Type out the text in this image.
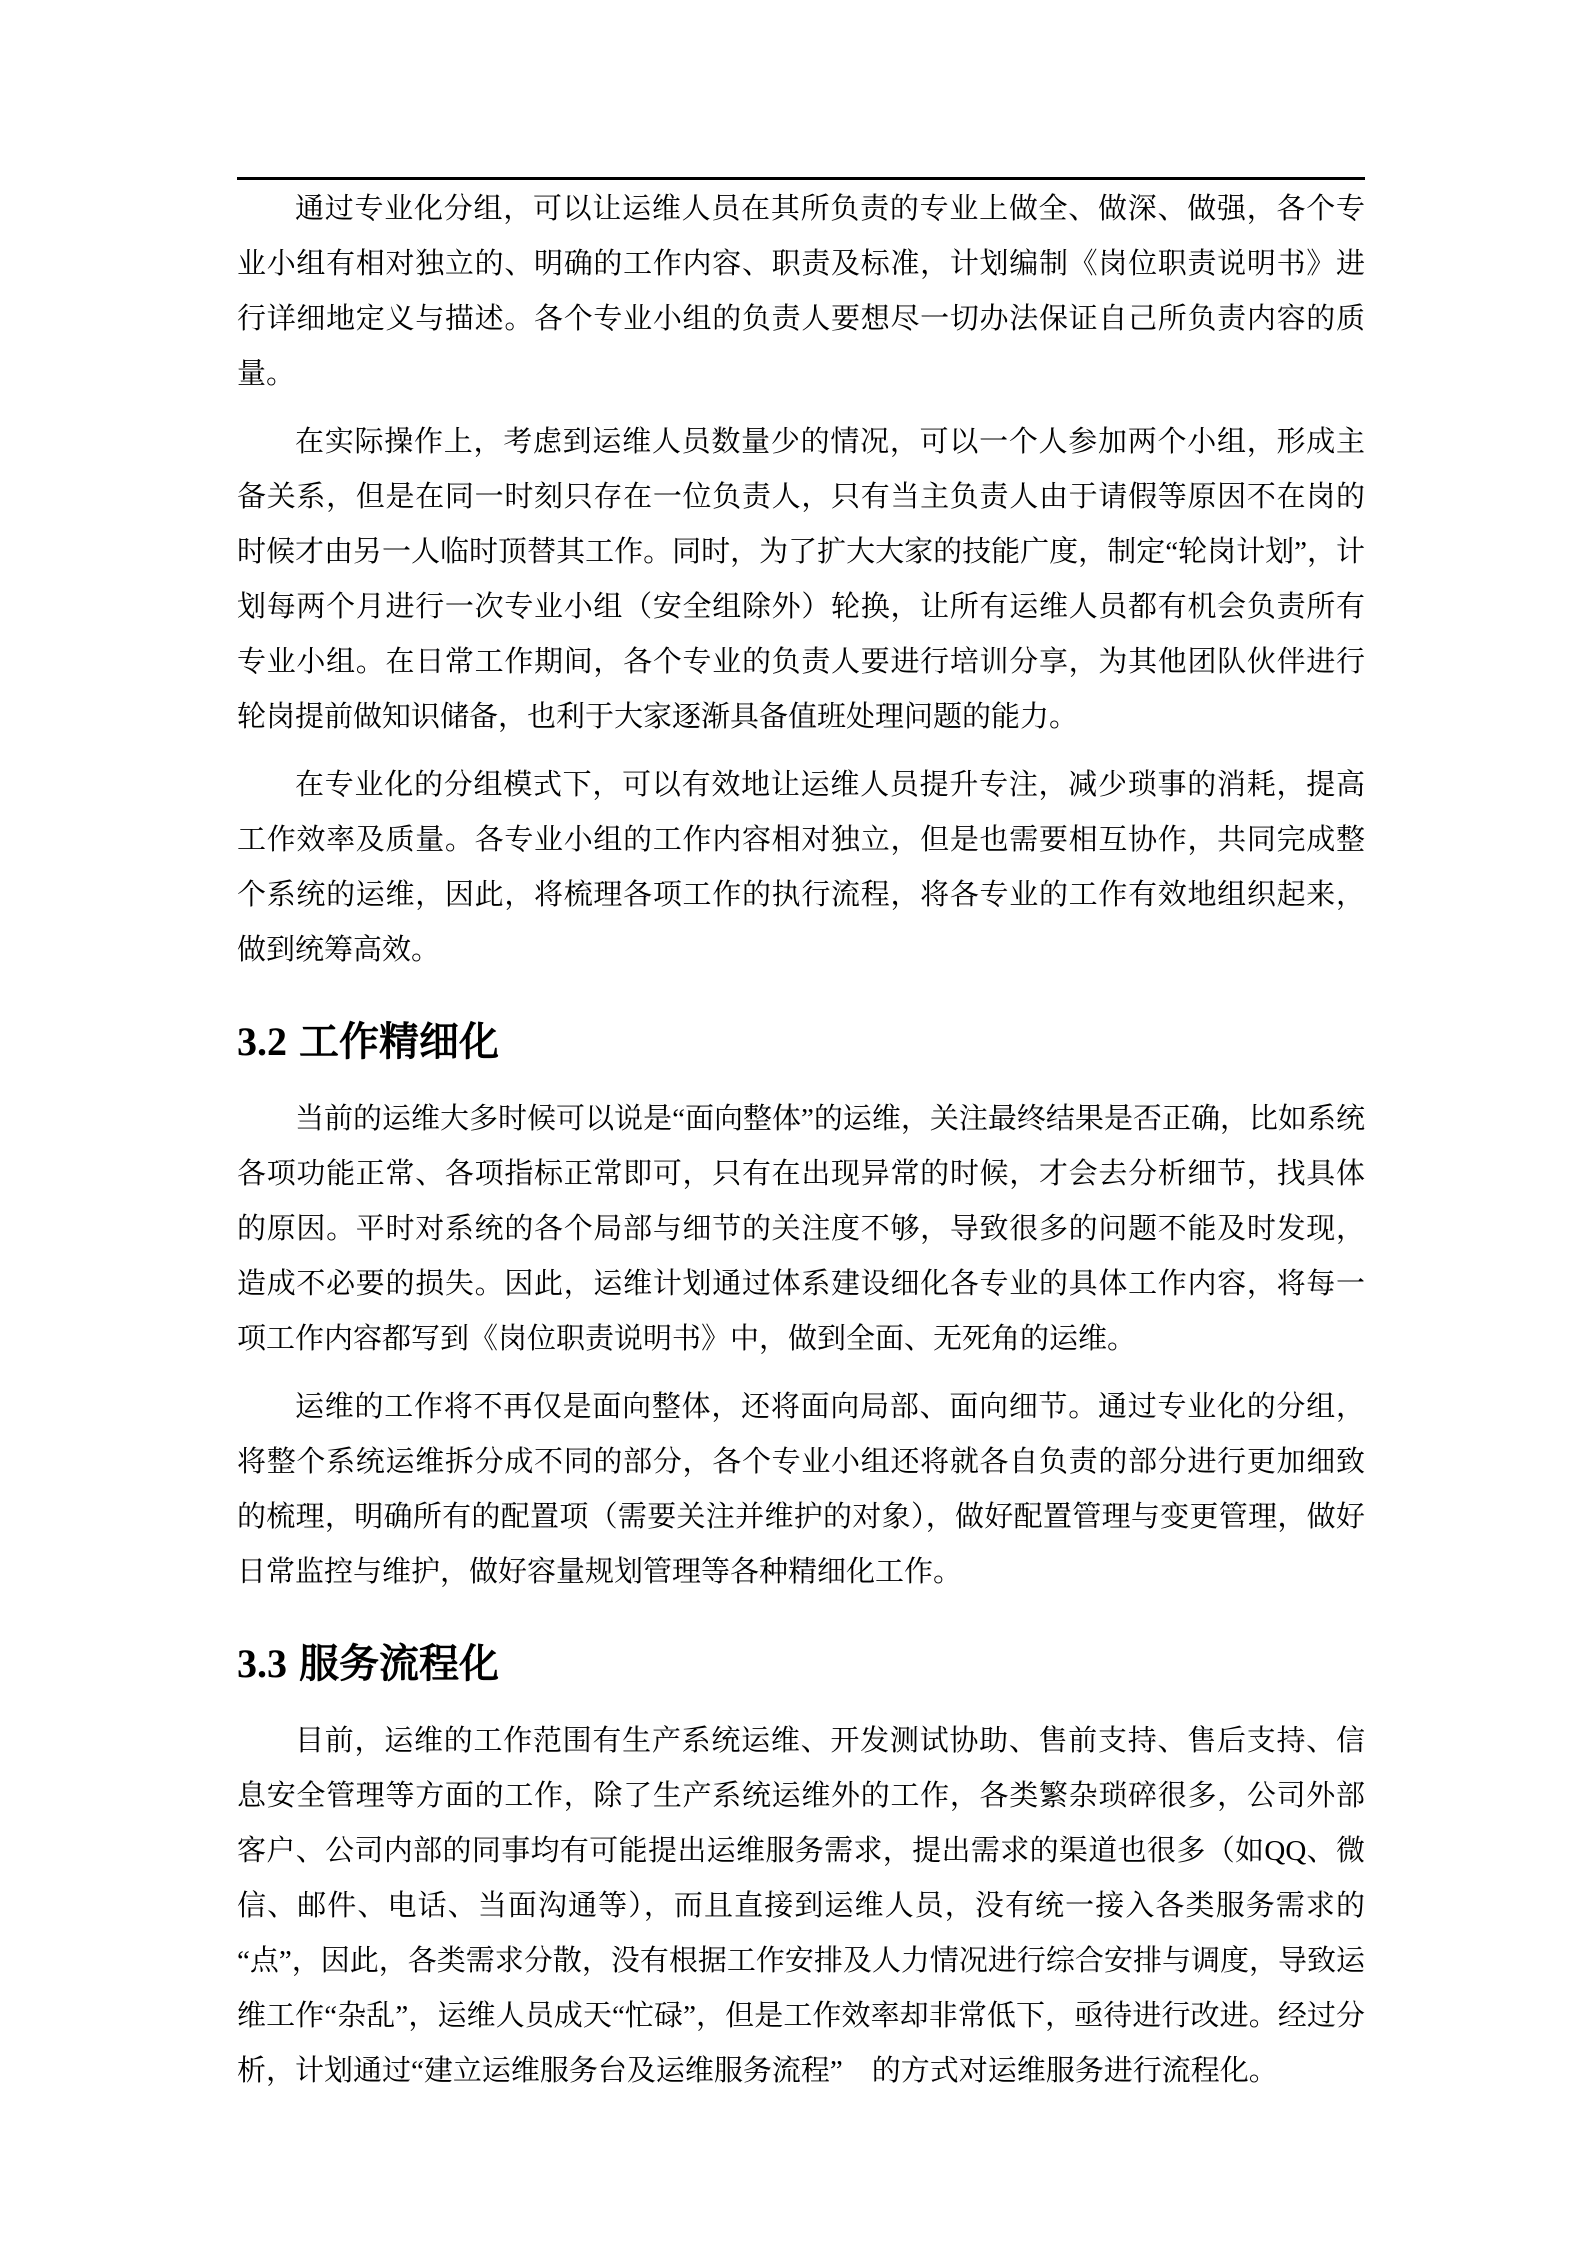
通过专业化分组，可以让运维人员在其所负责的专业上做全、做深、做强，各个专业小组有相对独立的、明确的工作内容、职责及标准，计划编制《岗位职责说明书》进行详细地定义与描述。各个专业小组的负责人要想尽一切办法保证自己所负责内容的质量。

在实际操作上，考虑到运维人员数量少的情况，可以一个人参加两个小组，形成主备关系，但是在同一时刻只存在一位负责人，只有当主负责人由于请假等原因不在岗的时候才由另一人临时顶替其工作。同时，为了扩大大家的技能广度，制定“轮岗计划”，计划每两个月进行一次专业小组（安全组除外）轮换，让所有运维人员都有机会负责所有专业小组。在日常工作期间，各个专业的负责人要进行培训分享，为其他团队伙伴进行轮岗提前做知识储备，也利于大家逐渐具备值班处理问题的能力。

在专业化的分组模式下，可以有效地让运维人员提升专注，减少琐事的消耗，提高工作效率及质量。各专业小组的工作内容相对独立，但是也需要相互协作，共同完成整个系统的运维，因此，将梳理各项工作的执行流程，将各专业的工作有效地组织起来，做到统筹高效。

3.2 工作精细化

当前的运维大多时候可以说是“面向整体”的运维，关注最终结果是否正确，比如系统各项功能正常、各项指标正常即可，只有在出现异常的时候，才会去分析细节，找具体的原因。平时对系统的各个局部与细节的关注度不够，导致很多的问题不能及时发现，造成不必要的损失。因此，运维计划通过体系建设细化各专业的具体工作内容，将每一项工作内容都写到《岗位职责说明书》中，做到全面、无死角的运维。

运维的工作将不再仅是面向整体，还将面向局部、面向细节。通过专业化的分组，将整个系统运维拆分成不同的部分，各个专业小组还将就各自负责的部分进行更加细致的梳理，明确所有的配置项（需要关注并维护的对象），做好配置管理与变更管理，做好日常监控与维护，做好容量规划管理等各种精细化工作。

3.3 服务流程化

目前，运维的工作范围有生产系统运维、开发测试协助、售前支持、售后支持、信息安全管理等方面的工作，除了生产系统运维外的工作，各类繁杂琐碎很多，公司外部客户、公司内部的同事均有可能提出运维服务需求，提出需求的渠道也很多（如QQ、微信、邮件、电话、当面沟通等），而且直接到运维人员，没有统一接入各类服务需求的“点”，因此，各类需求分散，没有根据工作安排及人力情况进行综合安排与调度，导致运维工作“杂乱”，运维人员成天“忙碌”，但是工作效率却非常低下，亟待进行改进。经过分析，计划通过“建立运维服务台及运维服务流程”　的方式对运维服务进行流程化。
